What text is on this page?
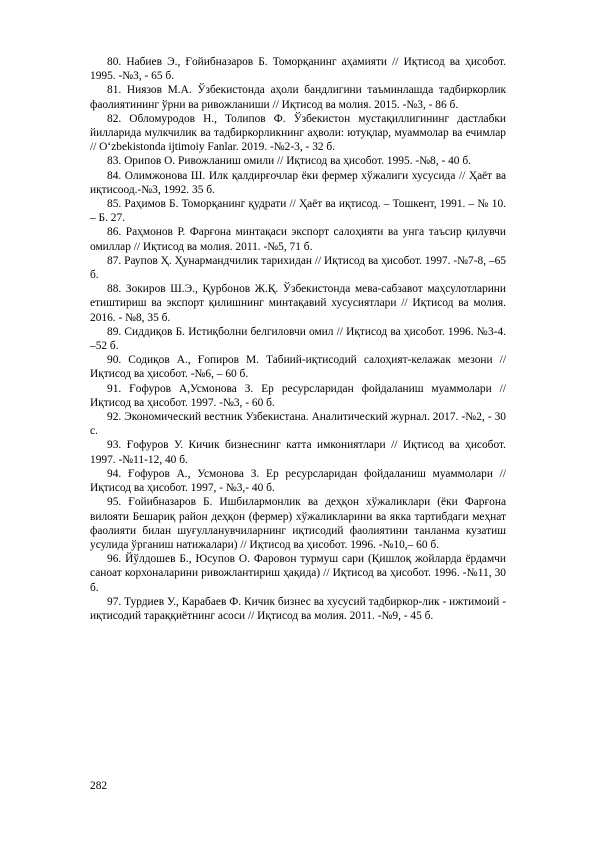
80. Набиев Э., Ғойибназаров Б. Томорқанинг аҳамияти // Иқтисод ва ҳисобот. 1995. -№3, - 65 б.

81. Ниязов М.А. Ўзбекистонда аҳоли бандлигини таъминлашда тадбиркорлик фаолиятининг ўрни ва ривожланиши // Иқтисод ва молия. 2015. -№3, - 86 б.

82. Обломуродов Н., Толипов Ф. Ўзбекистон мустақиллигининг дастлабки йилларида мулкчилик ва тадбиркорликнинг аҳволи: ютуқлар, муаммолар ва ечимлар // O‘zbekistonda ijtimoiy Fanlar. 2019. -№2-3, - 32 б.

83. Орипов О. Ривожланиш омили // Иқтисод ва ҳисобот. 1995. -№8, - 40 б.

84. Олимжонова Ш. Илк қалдирғочлар ёки фермер хўжалиги хусусида // Ҳаёт ва иқтисоод.-№3, 1992. 35 б.

85. Раҳимов Б. Томорқанинг қудрати // Ҳаёт ва иқтисод. – Тошкент, 1991. – № 10. – Б. 27.

86. Раҳмонов Р. Фарғона минтақаси экспорт салоҳияти ва унга таъсир қилувчи омиллар // Иқтисод ва молия. 2011. -№5, 71 б.

87. Раупов Ҳ. Ҳунармандчилик тарихидан // Иқтисод ва ҳисобот. 1997. -№7-8, –65 б.

88. Зокиров Ш.Э., Қурбонов Ж.Қ. Ўзбекистонда мева-сабзавот маҳсулотларини етиштириш ва экспорт қилишнинг минтақавий хусусиятлари // Иқтисод ва молия. 2016. - №8, 35 б.

89. Сиддиқов Б. Истиқболни белгиловчи омил // Иқтисод ва ҳисобот. 1996. №3-4. –52 б.

90. Содиқов А., Ғопиров М. Табиий-иқтисодий салоҳият-келажак мезони // Иқтисод ва ҳисобот. -№6, – 60 б.

91. Ғофуров А,Усмонова З. Ер ресурсларидан фойдаланиш муаммолари // Иқтисод ва ҳисобот. 1997. -№3, - 60 б.

92. Экономический вестник Узбекистана. Аналитический журнал. 2017. -№2, - 30 с.

93. Ғофуров У. Кичик бизнеснинг катта имкониятлари // Иқтисод ва ҳисобот. 1997. -№11-12, 40 б.

94. Ғофуров А., Усмонова З. Ер ресурсларидан фойдаланиш муаммолари // Иқтисод ва ҳисобот. 1997, - №3,- 40 б.

95. Ғойибназаров Б. Ишбилармонлик ва деҳқон хўжаликлари (ёки Фарғона вилояти Бешариқ район деҳқон (фермер) хўжаликларини ва якка тартибдаги меҳнат фаолияти билан шуғулланувчиларнинг иқтисодий фаолиятини танланма кузатиш усулида ўрганиш натижалари) // Иқтисод ва ҳисобот. 1996. -№10,– 60 б.

96. Йўлдошев Б., Юсупов О. Фаровон турмуш сари (Қишлоқ жойларда ёрдамчи саноат корхоналарини ривожлантириш ҳақида) // Иқтисод ва ҳисобот. 1996. -№11, 30 б.

97. Турдиев У., Карабаев Ф. Кичик бизнес ва хусусий тадбиркор-лик - ижтимоий - иқтисодий тараққиётнинг асоси // Иқтисод ва молия. 2011. -№9, - 45 б.

282
